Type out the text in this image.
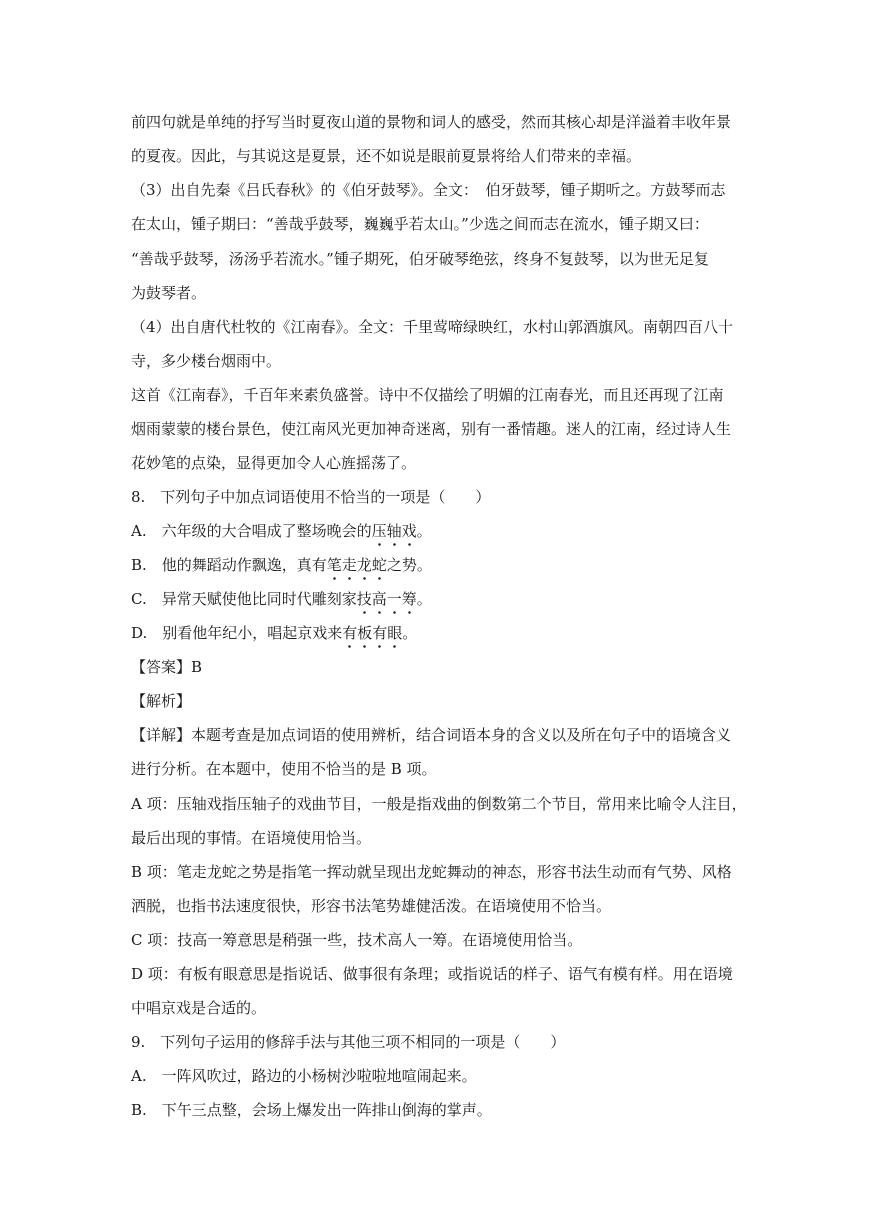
前四句就是单纯的抒写当时夏夜山道的景物和词人的感受，然而其核心却是洋溢着丰收年景
的夏夜。因此，与其说这是夏景，还不如说是眼前夏景将给人们带来的幸福。
（3）出自先秦《吕氏春秋》的《伯牙鼓琴》。全文：　伯牙鼓琴，锺子期听之。方鼓琴而志
在太山，锺子期曰：“善哉乎鼓琴，巍巍乎若太山。”少选之间而志在流水，锺子期又曰：
“善哉乎鼓琴，汤汤乎若流水。”锺子期死，伯牙破琴绝弦，终身不复鼓琴，以为世无足复
为鼓琴者。
（4）出自唐代杜牧的《江南春》。全文：千里莺啼绿映红，水村山郭酒旗风。南朝四百八十
寺，多少楼台烟雨中。
这首《江南春》，千百年来素负盛誉。诗中不仅描绘了明媚的江南春光，而且还再现了江南
烟雨蒙蒙的楼台景色，使江南风光更加神奇迷离，别有一番情趣。迷人的江南，经过诗人生
花妙笔的点染，显得更加令人心旌摇荡了。
8.　下列句子中加点词语使用不恰当的一项是（　　）
A.　六年级的大合唱成了整场晚会的压轴戏。
B.　他的舞蹈动作飘逸，真有笔走龙蛇之势。
C.　异常天赋使他比同时代雕刻家技高一筹。
D.　别看他年纪小，唱起京戏来有板有眼。
【答案】B
【解析】
【详解】本题考查是加点词语的使用辨析，结合词语本身的含义以及所在句子中的语境含义
进行分析。在本题中，使用不恰当的是 B 项。
A 项：压轴戏指压轴子的戏曲节目，一般是指戏曲的倒数第二个节目，常用来比喻令人注目，
最后出现的事情。在语境使用恰当。
B 项：笔走龙蛇之势是指笔一挥动就呈现出龙蛇舞动的神态，形容书法生动而有气势、风格
洒脱，也指书法速度很快，形容书法笔势雄健活泼。在语境使用不恰当。
C 项：技高一筹意思是稍强一些，技术高人一筹。在语境使用恰当。
D 项：有板有眼意思是指说话、做事很有条理；或指说话的样子、语气有模有样。用在语境
中唱京戏是合适的。
9.　下列句子运用的修辞手法与其他三项不相同的一项是（　　）
A.　一阵风吹过，路边的小杨树沙啦啦地喧闹起来。
B.　下午三点整，会场上爆发出一阵排山倒海的掌声。
